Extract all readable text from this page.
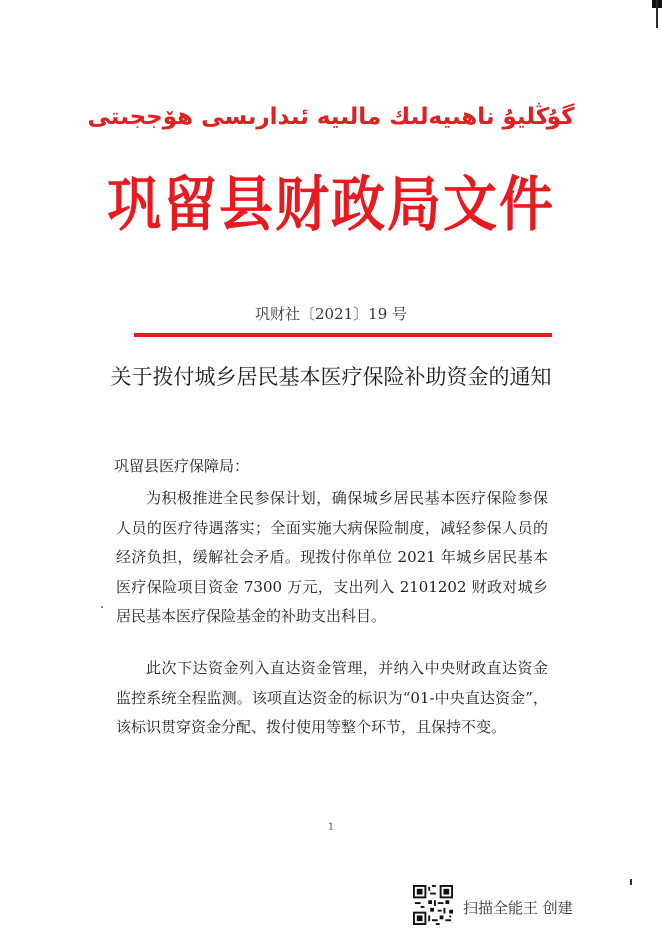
گۇڭليۇ ناھىيەلىك مالىيە ئىدارىسى ھۆججىتى
巩留县财政局文件
巩财社〔2021〕19 号
关于拨付城乡居民基本医疗保险补助资金的通知
巩留县医疗保障局：

为积极推进全民参保计划，确保城乡居民基本医疗保险参保人员的医疗待遇落实；全面实施大病保险制度，减轻参保人员的经济负担，缓解社会矛盾。现拨付你单位 2021 年城乡居民基本医疗保险项目资金 7300 万元，支出列入 2101202 财政对城乡居民基本医疗保险基金的补助支出科目。

此次下达资金列入直达资金管理，并纳入中央财政直达资金监控系统全程监测。该项直达资金的标识为“01-中央直达资金”，该标识贯穿资金分配、拨付使用等整个环节，且保持不变。

1
扫描全能王 创建
